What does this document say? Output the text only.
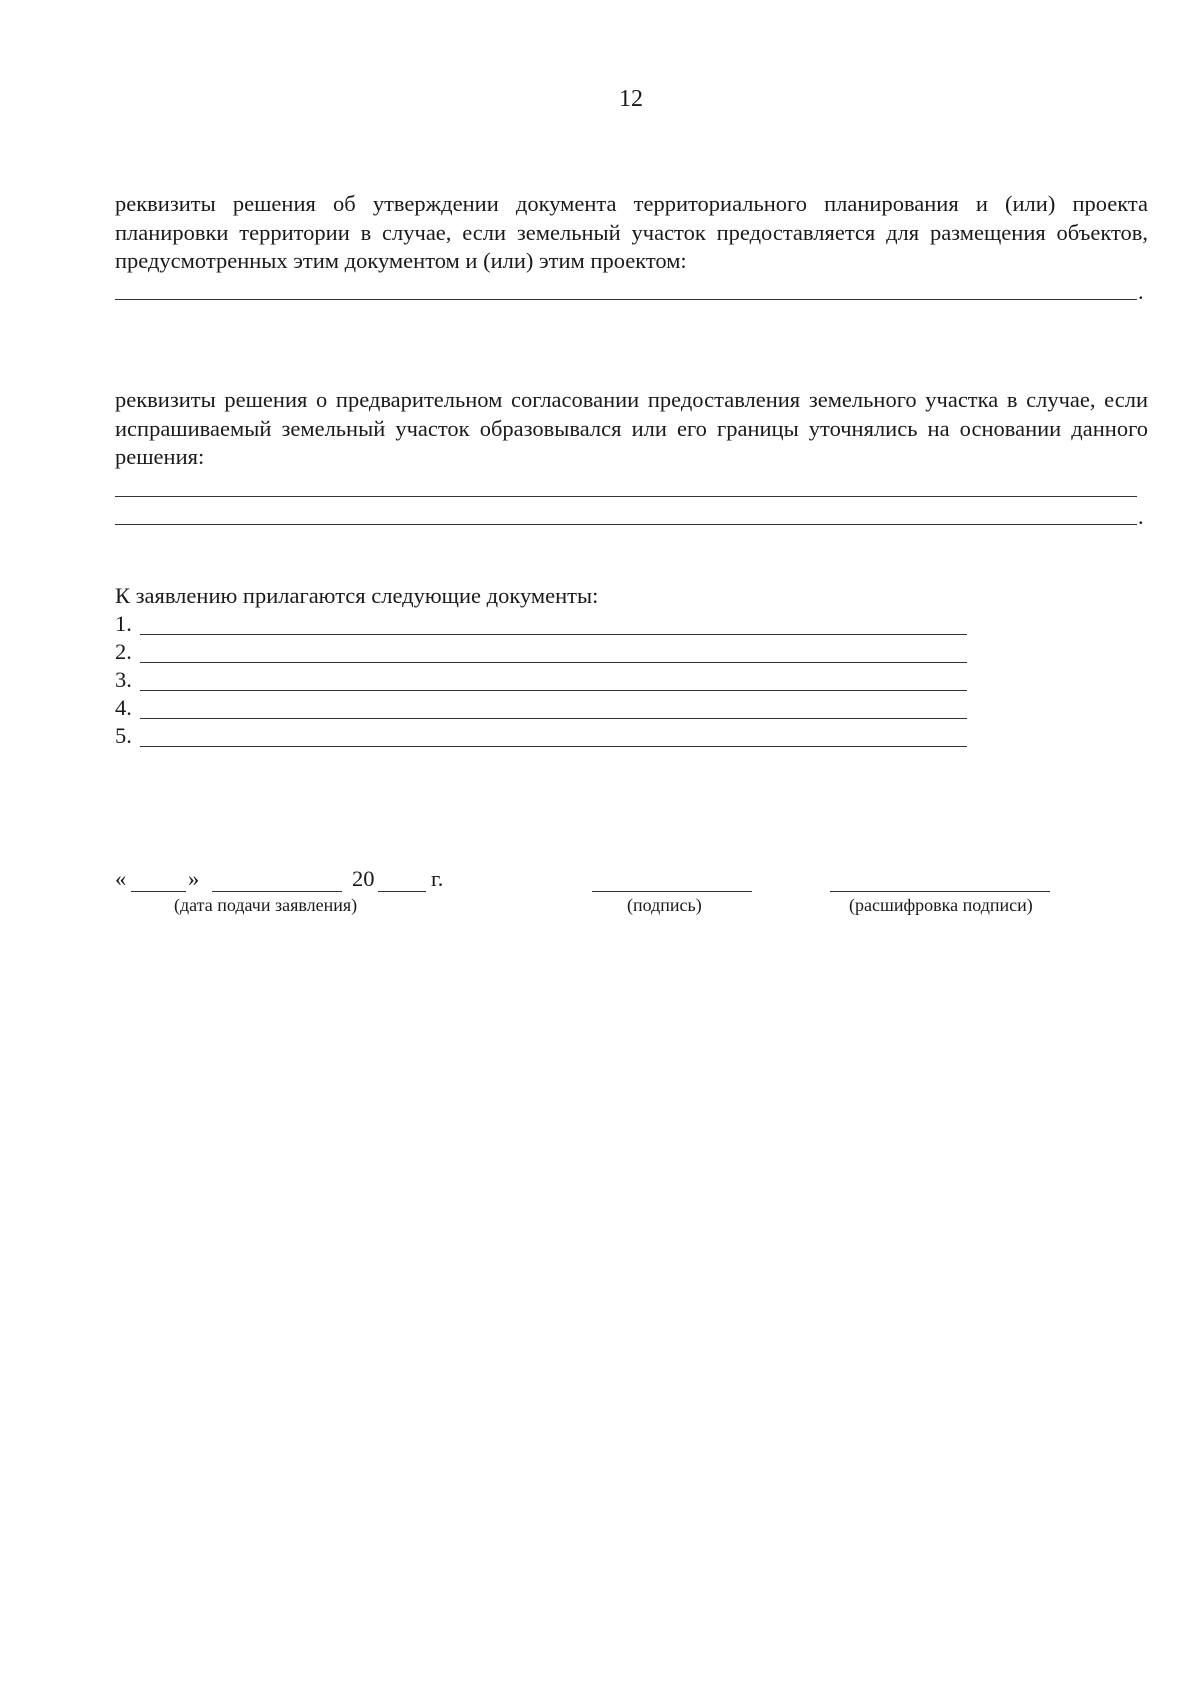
12
реквизиты решения об утверждении документа территориального планирования и (или) проекта планировки территории в случае, если земельный участок предоставляется для размещения объектов, предусмотренных этим документом и (или) этим проектом:
.
реквизиты решения о предварительном согласовании предоставления земельного участка в случае, если испрашиваемый земельный участок образовывался или его границы уточнялись на основании данного решения:
.
К заявлению прилагаются следующие документы:
1.
2.
3.
4.
5.
«	»	20	г.
(дата подачи заявления)	(подпись)	(расшифровка подписи)
